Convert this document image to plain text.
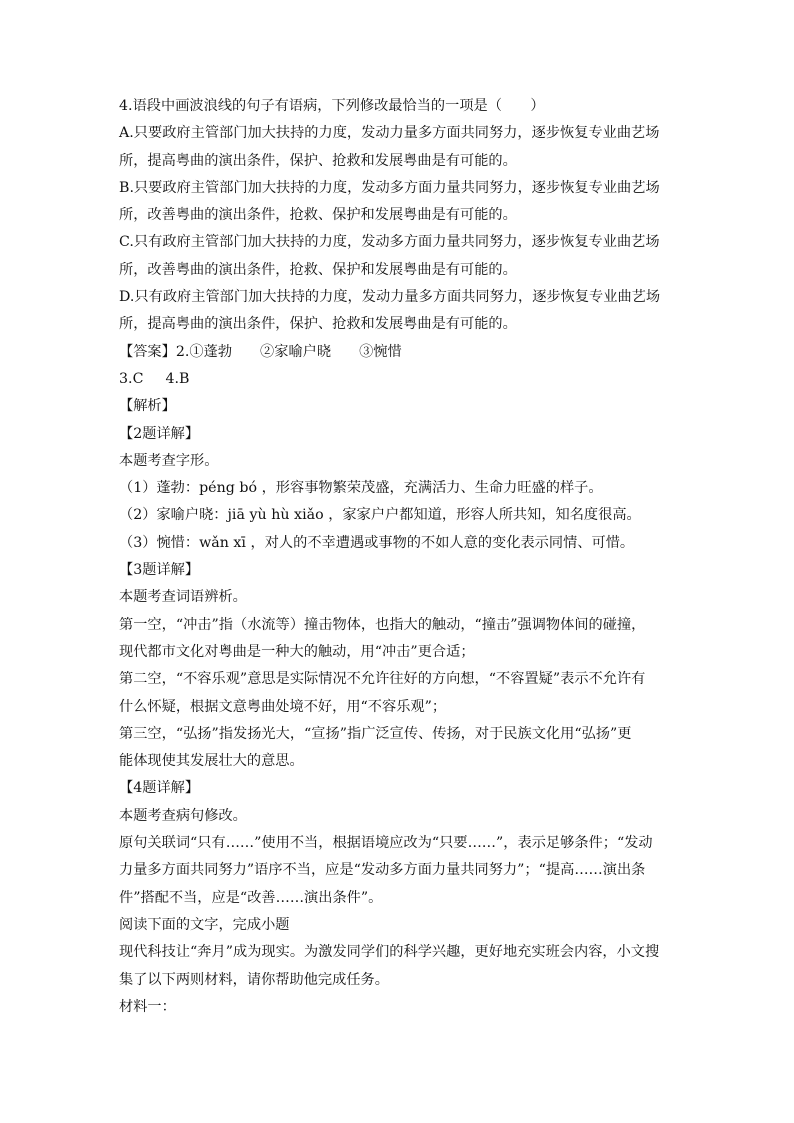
4.语段中画波浪线的句子有语病，下列修改最恰当的一项是（　　）
A.只要政府主管部门加大扶持的力度，发动力量多方面共同努力，逐步恢复专业曲艺场
所，提高粤曲的演出条件，保护、抢救和发展粤曲是有可能的。
B.只要政府主管部门加大扶持的力度，发动多方面力量共同努力，逐步恢复专业曲艺场
所，改善粤曲的演出条件，抢救、保护和发展粤曲是有可能的。
C.只有政府主管部门加大扶持的力度，发动多方面力量共同努力，逐步恢复专业曲艺场
所，改善粤曲的演出条件，抢救、保护和发展粤曲是有可能的。
D.只有政府主管部门加大扶持的力度，发动力量多方面共同努力，逐步恢复专业曲艺场
所，提高粤曲的演出条件，保护、抢救和发展粤曲是有可能的。
【答案】2.①蓬勃 ②家喻户晓 ③惋惜
3.C 4.B
【解析】
【2题详解】
本题考查字形。
（1）蓬勃：péng bó ，形容事物繁荣茂盛，充满活力、生命力旺盛的样子。
（2）家喻户晓：jiā yù hù xiǎo ，家家户户都知道，形容人所共知，知名度很高。
（3）惋惜：wǎn xī ，对人的不幸遭遇或事物的不如人意的变化表示同情、可惜。
【3题详解】
本题考查词语辨析。
第一空，“冲击”指（水流等）撞击物体，也指大的触动，“撞击”强调物体间的碰撞，
现代都市文化对粤曲是一种大的触动，用“冲击”更合适；
第二空，“不容乐观”意思是实际情况不允许往好的方向想，“不容置疑”表示不允许有
什么怀疑，根据文意粤曲处境不好，用“不容乐观”；
第三空，“弘扬”指发扬光大，“宣扬”指广泛宣传、传扬，对于民族文化用“弘扬”更
能体现使其发展壮大的意思。
【4题详解】
本题考查病句修改。
原句关联词“只有……”使用不当，根据语境应改为“只要……”，表示足够条件；“发动
力量多方面共同努力”语序不当，应是“发动多方面力量共同努力”；“提高……演出条
件”搭配不当，应是“改善……演出条件”。
阅读下面的文字，完成小题
现代科技让“奔月”成为现实。为激发同学们的科学兴趣，更好地充实班会内容，小文搜
集了以下两则材料，请你帮助他完成任务。
材料一：
